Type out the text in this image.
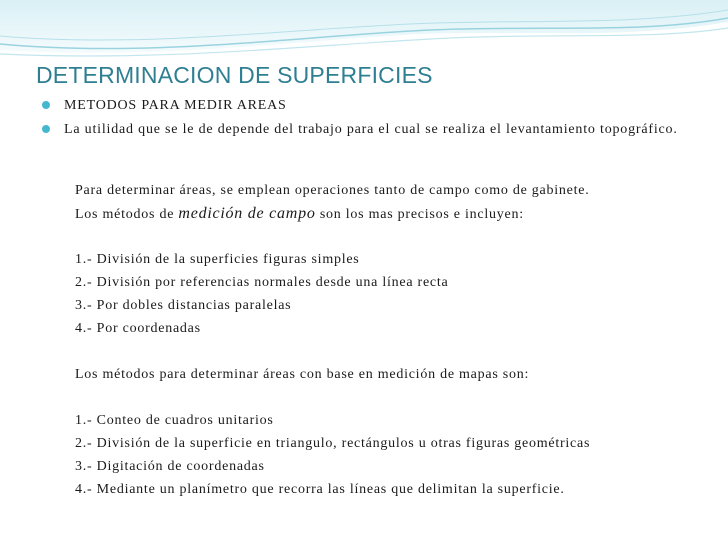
DETERMINACION DE SUPERFICIES
METODOS PARA MEDIR AREAS
La utilidad que se le de depende del trabajo para el cual se realiza el levantamiento topográfico.
Para determinar áreas, se emplean operaciones tanto de campo como de gabinete.
Los métodos de medición de campo son los mas precisos e incluyen:
1.- División de la superficies figuras simples
2.- División por referencias normales desde una línea recta
3.- Por dobles distancias paralelas
4.- Por coordenadas
Los métodos para determinar áreas con base en medición de mapas son:
1.- Conteo de cuadros unitarios
2.- División de la superficie en triangulo, rectángulos u otras figuras geométricas
3.- Digitación de coordenadas
4.- Mediante un planímetro que recorra las líneas que delimitan la superficie.
